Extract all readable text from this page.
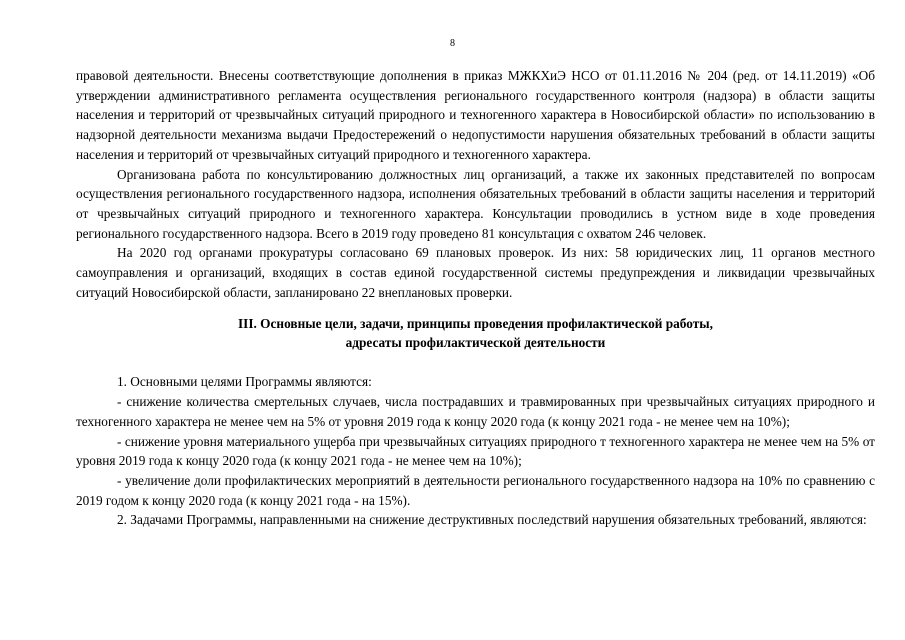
8

правовой деятельности. Внесены соответствующие дополнения в приказ МЖКХиЭ НСО от 01.11.2016 № 204 (ред. от 14.11.2019) «Об утверждении административного регламента осуществления регионального государственного контроля (надзора) в области защиты населения и территорий от чрезвычайных ситуаций природного и техногенного характера в Новосибирской области» по использованию в надзорной деятельности механизма выдачи Предостережений о недопустимости нарушения обязательных требований в области защиты населения и территорий от чрезвычайных ситуаций природного и техногенного характера.

Организована работа по консультированию должностных лиц организаций, а также их законных представителей по вопросам осуществления регионального государственного надзора, исполнения обязательных требований в области защиты населения и территорий от чрезвычайных ситуаций природного и техногенного характера. Консультации проводились в устном виде в ходе проведения регионального государственного надзора. Всего в 2019 году проведено 81 консультация с охватом 246 человек.

На 2020 год органами прокуратуры согласовано 69 плановых проверок. Из них: 58 юридических лиц, 11 органов местного самоуправления и организаций, входящих в состав единой государственной системы предупреждения и ликвидации чрезвычайных ситуаций Новосибирской области, запланировано 22 внеплановых проверки.

III. Основные цели, задачи, принципы проведения профилактической работы,
адресаты профилактической деятельности

1. Основными целями Программы являются:

- снижение количества смертельных случаев, числа пострадавших и травмированных при чрезвычайных ситуациях природного и техногенного характера не менее чем на 5% от уровня 2019 года к концу 2020 года (к концу 2021 года - не менее чем на 10%);

- снижение уровня материального ущерба при чрезвычайных ситуациях природного т техногенного характера не менее чем на 5% от уровня 2019 года к концу 2020 года (к концу 2021 года - не менее чем на 10%);

- увеличение доли профилактических мероприятий в деятельности регионального государственного надзора на 10% по сравнению с 2019 годом к концу 2020 года (к концу 2021 года - на 15%).

2. Задачами Программы, направленными на снижение деструктивных последствий нарушения обязательных требований, являются:
